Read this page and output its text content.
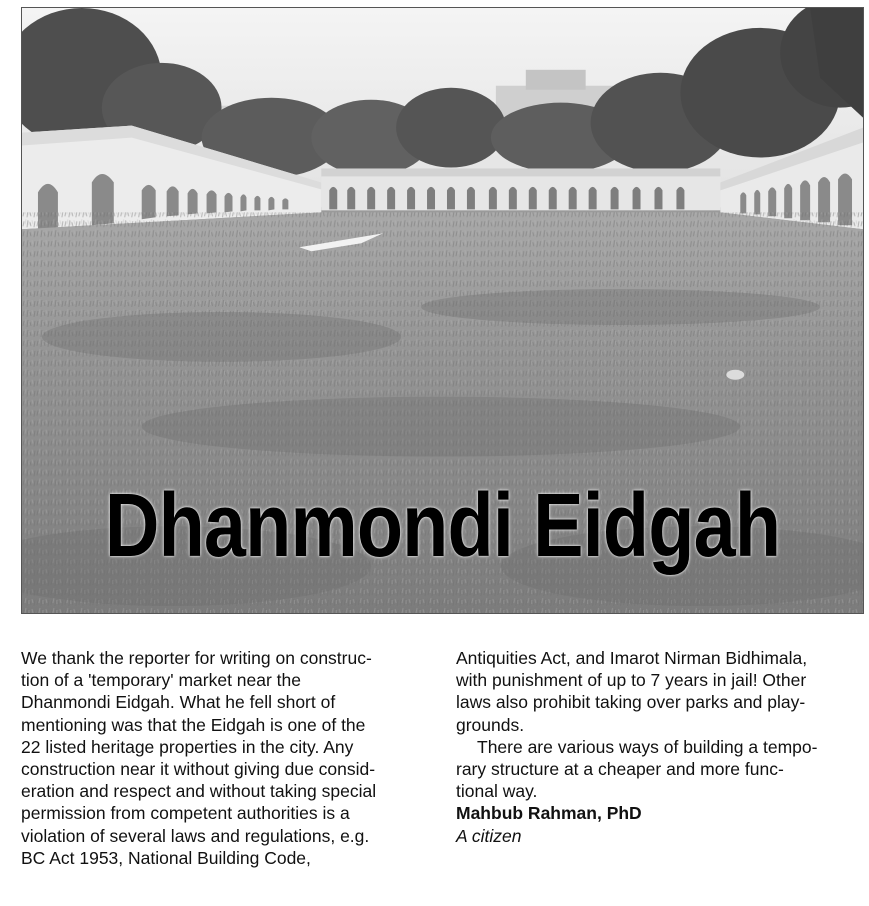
Dhanmondi Eidgah

We thank the reporter for writing on construc-
tion of a 'temporary' market near the
Dhanmondi Eidgah. What he fell short of
mentioning was that the Eidgah is one of the
22 listed heritage properties in the city. Any
construction near it without giving due consid-
eration and respect and without taking special
permission from competent authorities is a
violation of several laws and regulations, e.g.
BC Act 1953, National Building Code,

Antiquities Act, and Imarot Nirman Bidhimala,
with punishment of up to 7 years in jail! Other
laws also prohibit taking over parks and play-
grounds.

There are various ways of building a tempo-
rary structure at a cheaper and more func-
tional way.

Mahbub Rahman, PhD

A citizen
